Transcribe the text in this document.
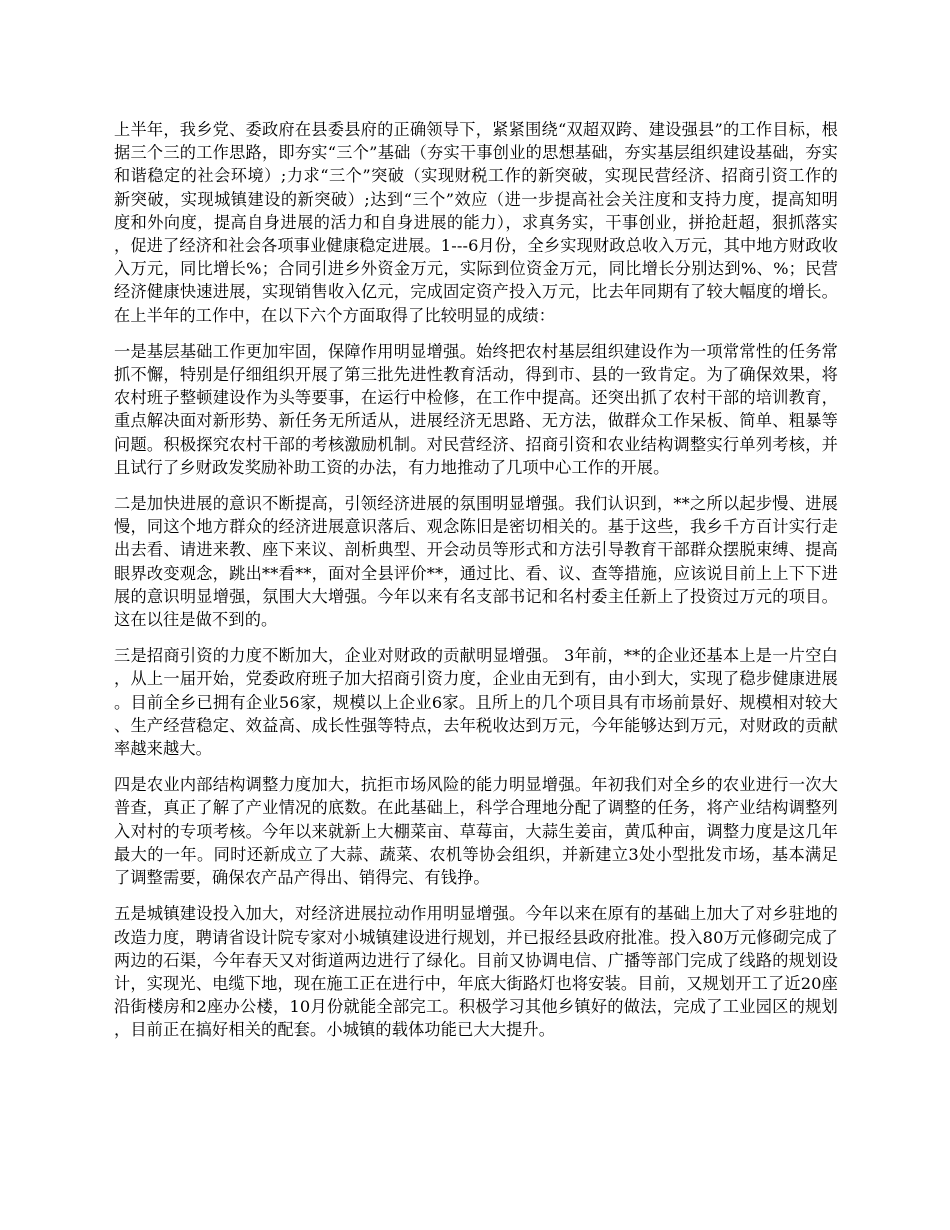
上半年，我乡党、委政府在县委县府的正确领导下，紧紧围绕“双超双跨、建设强县”的工作目标，根据三个三的工作思路，即夯实“三个”基础（夯实干事创业的思想基础，夯实基层组织建设基础，夯实和谐稳定的社会环境）;力求“三个”突破（实现财税工作的新突破，实现民营经济、招商引资工作的新突破，实现城镇建设的新突破）;达到“三个”效应（进一步提高社会关注度和支持力度，提高知明度和外向度，提高自身进展的活力和自身进展的能力），求真务实，干事创业，拼抢赶超，狠抓落实，促进了经济和社会各项事业健康稳定进展。1---6月份，全乡实现财政总收入万元，其中地方财政收入万元，同比增长%；合同引进乡外资金万元，实际到位资金万元，同比增长分别达到%、%；民营经济健康快速进展，实现销售收入亿元，完成固定资产投入万元，比去年同期有了较大幅度的增长。在上半年的工作中，在以下六个方面取得了比较明显的成绩：

一是基层基础工作更加牢固，保障作用明显增强。始终把农村基层组织建设作为一项常常性的任务常抓不懈，特别是仔细组织开展了第三批先进性教育活动，得到市、县的一致肯定。为了确保效果，将农村班子整顿建设作为头等要事，在运行中检修，在工作中提高。还突出抓了农村干部的培训教育，重点解决面对新形势、新任务无所适从，进展经济无思路、无方法，做群众工作呆板、简单、粗暴等问题。积极探究农村干部的考核激励机制。对民营经济、招商引资和农业结构调整实行单列考核，并且试行了乡财政发奖励补助工资的办法，有力地推动了几项中心工作的开展。

二是加快进展的意识不断提高，引领经济进展的氛围明显增强。我们认识到，**之所以起步慢、进展慢，同这个地方群众的经济进展意识落后、观念陈旧是密切相关的。基于这些，我乡千方百计实行走出去看、请进来教、座下来议、剖析典型、开会动员等形式和方法引导教育干部群众摆脱束缚、提高眼界改变观念，跳出**看**，面对全县评价**，通过比、看、议、查等措施，应该说目前上上下下进展的意识明显增强，氛围大大增强。今年以来有名支部书记和名村委主任新上了投资过万元的项目。这在以往是做不到的。

三是招商引资的力度不断加大，企业对财政的贡献明显增强。 3年前，**的企业还基本上是一片空白，从上一届开始，党委政府班子加大招商引资力度，企业由无到有，由小到大，实现了稳步健康进展。目前全乡已拥有企业56家，规模以上企业6家。且所上的几个项目具有市场前景好、规模相对较大、生产经营稳定、效益高、成长性强等特点，去年税收达到万元，今年能够达到万元，对财政的贡献率越来越大。

四是农业内部结构调整力度加大，抗拒市场风险的能力明显增强。年初我们对全乡的农业进行一次大普查，真正了解了产业情况的底数。在此基础上，科学合理地分配了调整的任务，将产业结构调整列入对村的专项考核。今年以来就新上大棚菜亩、草莓亩，大蒜生姜亩，黄瓜种亩，调整力度是这几年最大的一年。同时还新成立了大蒜、蔬菜、农机等协会组织，并新建立3处小型批发市场，基本满足了调整需要，确保农产品产得出、销得完、有钱挣。

五是城镇建设投入加大，对经济进展拉动作用明显增强。今年以来在原有的基础上加大了对乡驻地的改造力度，聘请省设计院专家对小城镇建设进行规划，并已报经县政府批准。投入80万元修砌完成了两边的石渠，今年春天又对街道两边进行了绿化。目前又协调电信、广播等部门完成了线路的规划设计，实现光、电缆下地，现在施工正在进行中，年底大街路灯也将安装。目前，又规划开工了近20座沿街楼房和2座办公楼，10月份就能全部完工。积极学习其他乡镇好的做法，完成了工业园区的规划，目前正在搞好相关的配套。小城镇的载体功能已大大提升。
